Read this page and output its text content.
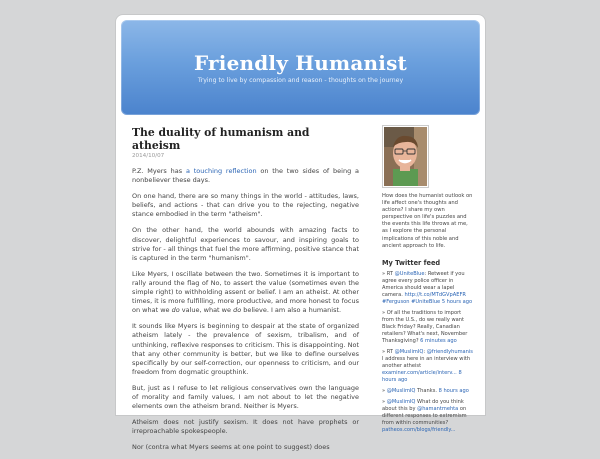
Friendly Humanist
Trying to live by compassion and reason - thoughts on the journey
The duality of humanism and atheism
2014/10/07

P.Z. Myers has a touching reflection on the two sides of being a nonbeliever these days.

On one hand, there are so many things in the world - attitudes, laws, beliefs, and actions - that can drive you to the rejecting, negative stance embodied in the term "atheism".

On the other hand, the world abounds with amazing facts to discover, delightful experiences to savour, and inspiring goals to strive for - all things that fuel the more affirming, positive stance that is captured in the term "humanism".

Like Myers, I oscillate between the two. Sometimes it is important to rally around the flag of No, to assert the value (sometimes even the simple right) to withholding assent or belief. I am an atheist. At other times, it is more fulfilling, more productive, and more honest to focus on what we do value, what we do believe. I am also a humanist.

It sounds like Myers is beginning to despair at the state of organized atheism lately - the prevalence of sexism, tribalism, and of unthinking, reflexive responses to criticism. This is disappointing. Not that any other community is better, but we like to define ourselves specifically by our self-correction, our openness to criticism, and our freedom from dogmatic groupthink.

But, just as I refuse to let religious conservatives own the language of morality and family values, I am not about to let the negative elements own the atheism brand. Neither is Myers.

Atheism does not justify sexism. It does not have prophets or irreproachable spokespeople.

Nor (contra what Myers seems at one point to suggest) does

How does the humanist outlook on life affect one's thoughts and actions? I share my own perspective on life's puzzles and the events this life throws at me, as I explore the personal implications of this noble and ancient approach to life.
My Twitter feed
» RT @UniteBlue: Retweet if you agree every police officer in America should wear a lapel camera. http://t.co/MTdGVpAEFR #Ferguson #UniteBlue 5 hours ago
» Of all the traditions to import from the U.S., do we really want Black Friday? Really, Canadian retailers? What's next, November Thanksgiving? 6 minutes ago
» RT @MuslimIQ: @friendlyhumanis I address here in an interview with another atheist examiner.com/article/interv... 8 hours ago
» @MuslimIQ Thanks. 8 hours ago
» @MuslimIQ What do you think about this by @hamantmehta on different responses to extremism from within communities? patheos.com/blogs/friendly...
